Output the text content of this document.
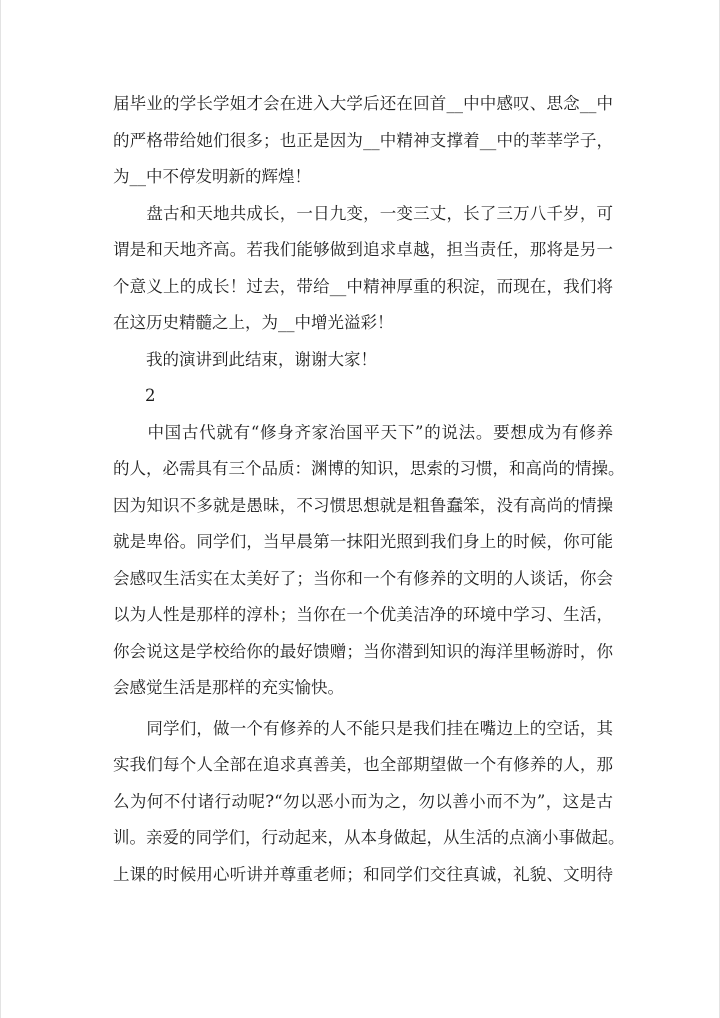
届毕业的学长学姐才会在进入大学后还在回首__中中感叹、思念__中
的严格带给她们很多；也正是因为__中精神支撑着__中的莘莘学子，
为__中不停发明新的辉煌！
　　盘古和天地共成长，一日九变，一变三丈，长了三万八千岁，可
谓是和天地齐高。若我们能够做到追求卓越，担当责任，那将是另一
个意义上的成长！过去，带给__中精神厚重的积淀，而现在，我们将
在这历史精髓之上，为__中增光溢彩！
　　我的演讲到此结束，谢谢大家！
2
　　中国古代就有“修身齐家治国平天下”的说法。要想成为有修养
的人，必需具有三个品质：渊博的知识，思索的习惯，和高尚的情操。
因为知识不多就是愚昧，不习惯思想就是粗鲁蠢笨，没有高尚的情操
就是卑俗。同学们，当早晨第一抹阳光照到我们身上的时候，你可能
会感叹生活实在太美好了；当你和一个有修养的文明的人谈话，你会
以为人性是那样的淳朴；当你在一个优美洁净的环境中学习、生活，
你会说这是学校给你的最好馈赠；当你潜到知识的海洋里畅游时，你
会感觉生活是那样的充实愉快。
　　同学们，做一个有修养的人不能只是我们挂在嘴边上的空话，其
实我们每个人全部在追求真善美，也全部期望做一个有修养的人，那
么为何不付诸行动呢?“勿以恶小而为之，勿以善小而不为”，这是古
训。亲爱的同学们，行动起来，从本身做起，从生活的点滴小事做起。
上课的时候用心听讲并尊重老师；和同学们交往真诚，礼貌、文明待
